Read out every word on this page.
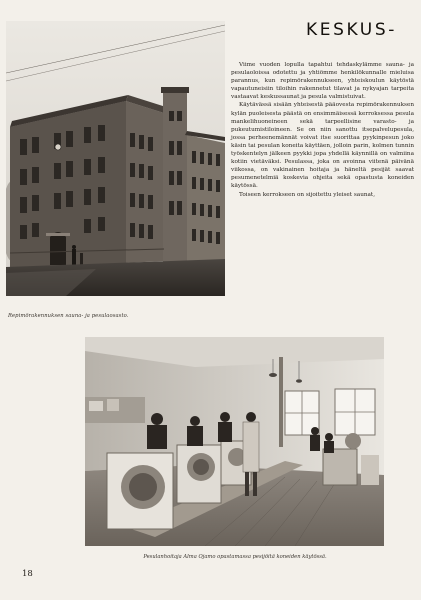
Repimörakennuksen sauna- ja pesulaosasto.
KESKUS-

Viime vuoden lopulla tapahtui tehdaskylämme sauna- ja pesulaoloissa odotettu ja yhtiömme henkilökunnalle mieluisa parannus, kun repimörakennukseen, yhteiskoulun käytöstä vapautuneisiin tiloihin rakennetut tilavat ja nykyajan tarpeita vastaavat keskussaunat ja pesula valmistuivat.

Käytävässä sisään yhteisestä pääovesta repimörakennuksen kylän puoleisesta päästä on ensimmäisessä kerroksessa pesula mankelihuoneineen sekä tarpeellisine varasto- ja pukeutumistiloineen. Se on niin sanottu itsepalvelupesula, jossa perheenemännät voivat itse suorittaa pyykinpesun joko käsin tai pesulan koneita käyttäen, jolloin parin, kolmen tunnin työskentelyn jälkeen pyykki jopa yhdellä käynnillä on valmiina kotiin vietäväksi. Pesulassa, joka on avoinna viitenä päivänä viikossa, on vakinainen hoitaja ja häneltä pesijät saavat pesumenetelmiä koskevia ohjeita sekä opastusta koneiden käytössä.

Toiseen kerrokseen on sijoitettu yleiset saunat,

Pesulanhoitaja Alma Ojamo opastamassa pesijöitä koneiden käytössä.
18
